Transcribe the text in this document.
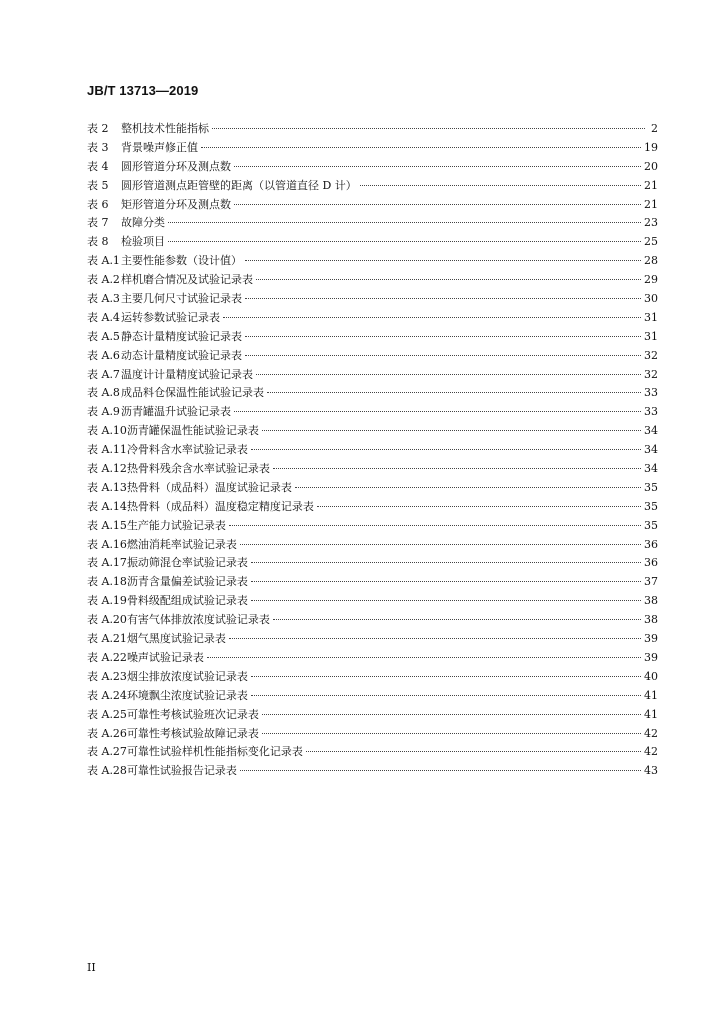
JB/T 13713—2019
表 2	整机技术性能指标	2
表 3	背景噪声修正值	19
表 4	圆形管道分环及测点数	20
表 5	圆形管道测点距管壁的距离（以管道直径 D 计）	21
表 6	矩形管道分环及测点数	21
表 7	故障分类	23
表 8	检验项目	25
表 A.1 主要性能参数（设计值）	28
表 A.2 样机磨合情况及试验记录表	29
表 A.3 主要几何尺寸试验记录表	30
表 A.4 运转参数试验记录表	31
表 A.5 静态计量精度试验记录表	31
表 A.6 动态计量精度试验记录表	32
表 A.7 温度计计量精度试验记录表	32
表 A.8 成品料仓保温性能试验记录表	33
表 A.9 沥青罐温升试验记录表	33
表 A.10 沥青罐保温性能试验记录表	34
表 A.11 冷骨料含水率试验记录表	34
表 A.12 热骨料残余含水率试验记录表	34
表 A.13 热骨料（成品料）温度试验记录表	35
表 A.14 热骨料（成品料）温度稳定精度记录表	35
表 A.15 生产能力试验记录表	35
表 A.16 燃油消耗率试验记录表	36
表 A.17 振动筛混仓率试验记录表	36
表 A.18 沥青含量偏差试验记录表	37
表 A.19 骨料级配组成试验记录表	38
表 A.20 有害气体排放浓度试验记录表	38
表 A.21 烟气黑度试验记录表	39
表 A.22 噪声试验记录表	39
表 A.23 烟尘排放浓度试验记录表	40
表 A.24 环境飘尘浓度试验记录表	41
表 A.25 可靠性考核试验班次记录表	41
表 A.26 可靠性考核试验故障记录表	42
表 A.27 可靠性试验样机性能指标变化记录表	42
表 A.28 可靠性试验报告记录表	43
II
